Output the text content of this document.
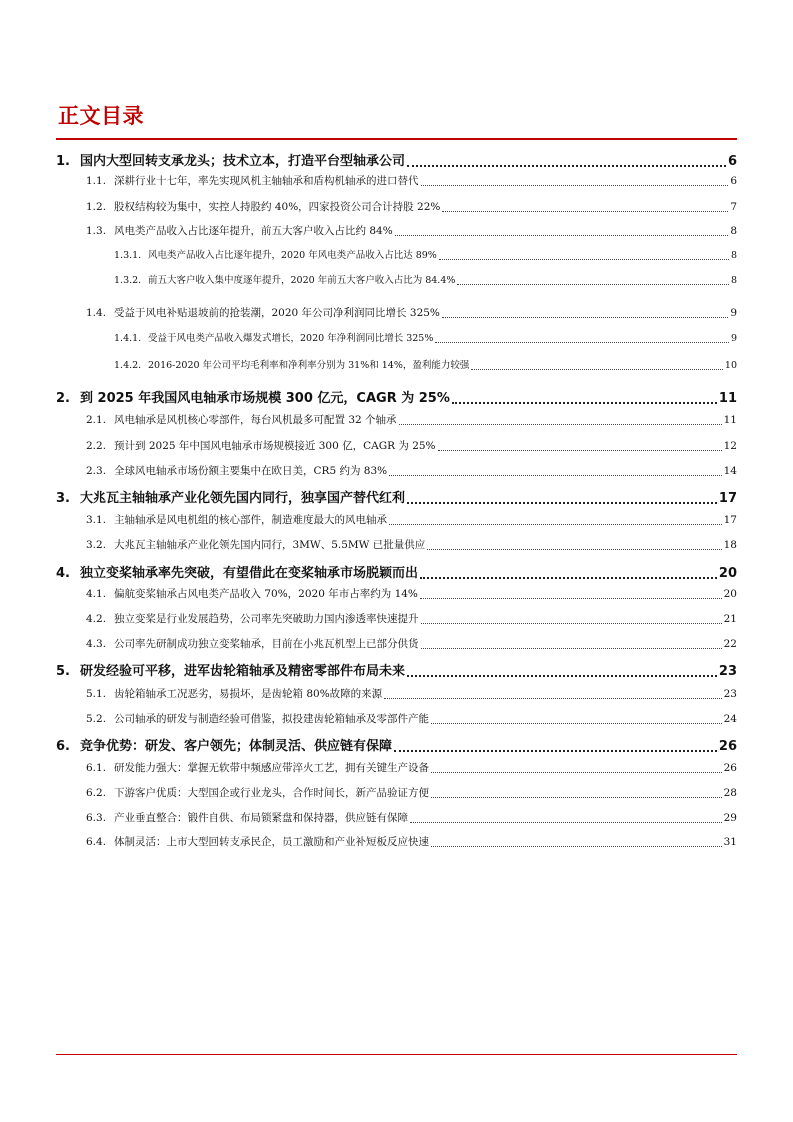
正文目录
1. 国内大型回转支承龙头；技术立本，打造平台型轴承公司	6
1.1. 深耕行业十七年，率先实现风机主轴轴承和盾构机轴承的进口替代	6
1.2. 股权结构较为集中，实控人持股约 40%，四家投资公司合计持股 22%	7
1.3. 风电类产品收入占比逐年提升，前五大客户收入占比约 84%	8
1.3.1. 风电类产品收入占比逐年提升，2020 年风电类产品收入占比达 89%	8
1.3.2. 前五大客户收入集中度逐年提升，2020 年前五大客户收入占比为 84.4%	8
1.4. 受益于风电补贴退坡前的抢装潮，2020 年公司净利润同比增长 325%	9
1.4.1. 受益于风电类产品收入爆发式增长，2020 年净利润同比增长 325%	9
1.4.2. 2016-2020 年公司平均毛利率和净利率分别为 31%和 14%，盈利能力较强	10
2. 到 2025 年我国风电轴承市场规模 300 亿元，CAGR 为 25%	11
2.1. 风电轴承是风机核心零部件，每台风机最多可配置 32 个轴承	11
2.2. 预计到 2025 年中国风电轴承市场规模接近 300 亿，CAGR 为 25%	12
2.3. 全球风电轴承市场份额主要集中在欧日美，CR5 约为 83%	14
3. 大兆瓦主轴轴承产业化领先国内同行，独享国产替代红利	17
3.1. 主轴轴承是风电机组的核心部件，制造难度最大的风电轴承	17
3.2. 大兆瓦主轴轴承产业化领先国内同行，3MW、5.5MW 已批量供应	18
4. 独立变桨轴承率先突破，有望借此在变桨轴承市场脱颖而出	20
4.1. 偏航变桨轴承占风电类产品收入 70%，2020 年市占率约为 14%	20
4.2. 独立变桨是行业发展趋势，公司率先突破助力国内渗透率快速提升	21
4.3. 公司率先研制成功独立变桨轴承，目前在小兆瓦机型上已部分供货	22
5. 研发经验可平移，进军齿轮箱轴承及精密零部件布局未来	23
5.1. 齿轮箱轴承工况恶劣，易损坏，是齿轮箱 80%故障的来源	23
5.2. 公司轴承的研发与制造经验可借鉴，拟投建齿轮箱轴承及零部件产能	24
6. 竞争优势：研发、客户领先；体制灵活、供应链有保障	26
6.1. 研发能力强大：掌握无软带中频感应带淬火工艺，拥有关键生产设备	26
6.2. 下游客户优质：大型国企或行业龙头，合作时间长，新产品验证方便	28
6.3. 产业垂直整合：锻件自供、布局锁紧盘和保持器，供应链有保障	29
6.4. 体制灵活：上市大型回转支承民企，员工激励和产业补短板反应快速	31
